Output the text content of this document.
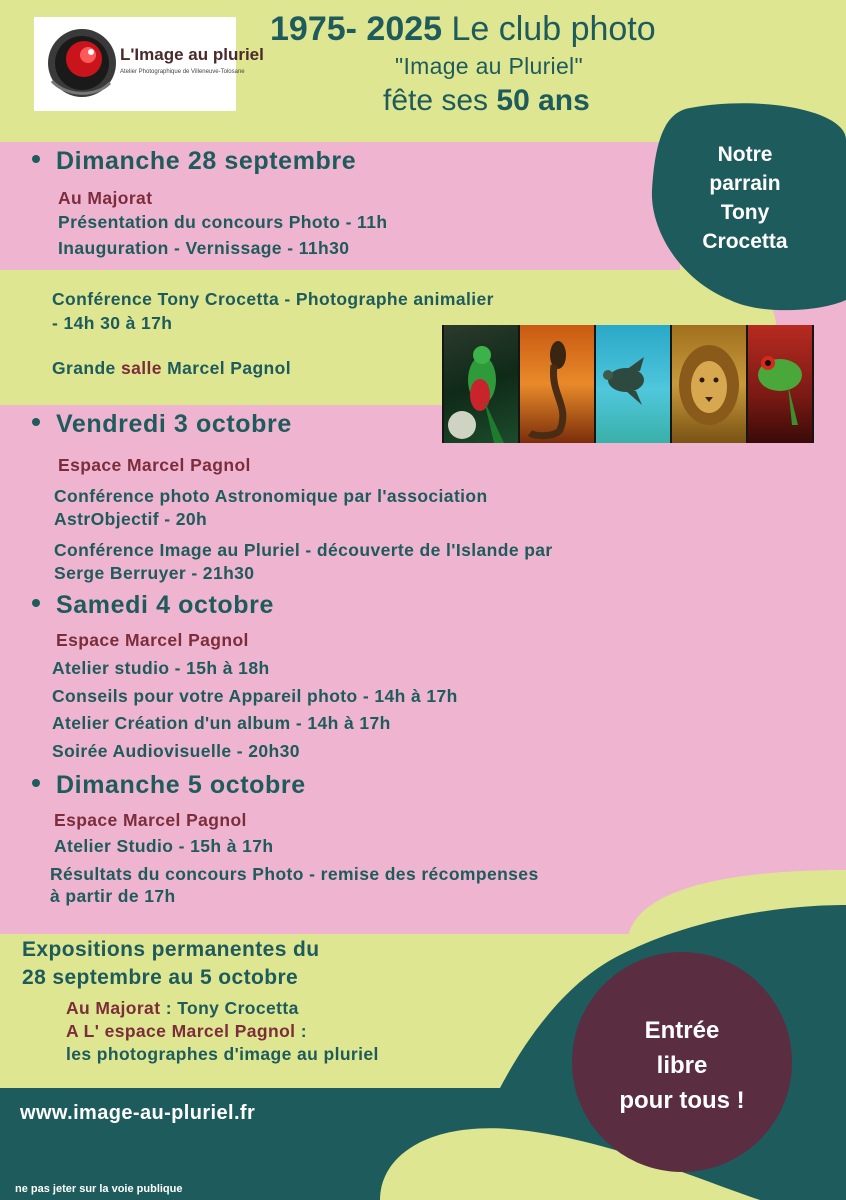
L'Image au pluriel
Atelier Photographique de Villeneuve-Tolosane
1975- 2025 Le club photo
"Image au Pluriel"
fête ses 50 ans
Notre
parrain
Tony
Crocetta
Dimanche 28 septembre
Au Majorat
Présentation du concours Photo - 11h
Inauguration - Vernissage - 11h30
Conférence Tony Crocetta - Photographe animalier
- 14h 30 à 17h
Grande salle Marcel Pagnol
Vendredi 3 octobre
Espace Marcel Pagnol
Conférence photo Astronomique par l'association
AstrObjectif - 20h
Conférence Image au Pluriel - découverte de l'Islande par
Serge Berruyer - 21h30
Samedi 4 octobre
Espace Marcel Pagnol
Atelier studio - 15h à 18h
Conseils pour votre Appareil photo - 14h à 17h
Atelier Création d'un album - 14h à 17h
Soirée Audiovisuelle - 20h30
Dimanche 5 octobre
Espace Marcel Pagnol
Atelier Studio - 15h à 17h
Résultats du concours Photo - remise des récompenses
à partir de 17h
Expositions permanentes du
28 septembre au 5 octobre
Au Majorat : Tony Crocetta
A L' espace Marcel Pagnol :
les photographes d'image au pluriel
Entrée
libre
pour tous !
www.image-au-pluriel.fr
ne pas jeter sur la voie publique
